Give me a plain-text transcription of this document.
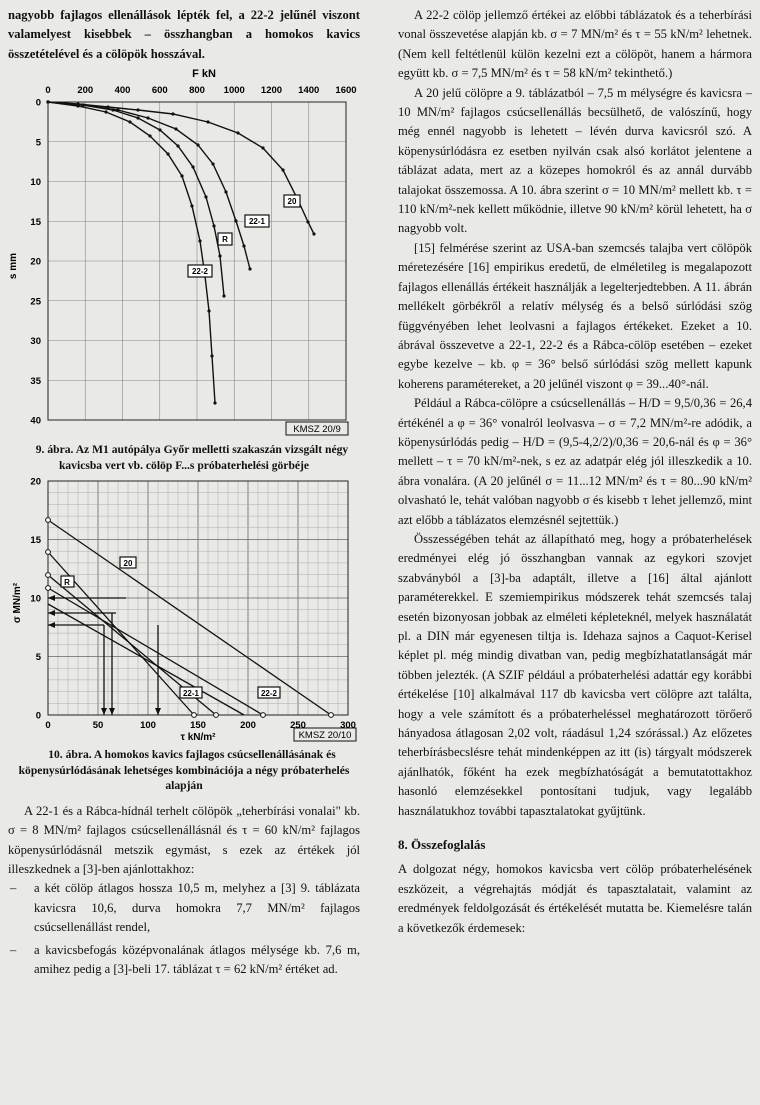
nagyobb fajlagos ellenállások lépték fel, a 22-2 jelűnél viszont valamelyest kisebbek – összhangban a homokos kavics összetételével és a cölöpök hosszával.

F kN
0	200 400 600 800 1000 1200 1400 1600
0
5
10
15
20
25
30
35
40
s mm
20
22-1
R
22-2
KMSZ 20/9

9. ábra. Az M1 autópálya Győr melletti szakaszán vizsgált négy kavicsba vert vb. cölöp F...s próbaterhelési görbéje

0
5
10
15
20
0	50	100	150	200	250	300
σ MN/m²
20
R
22-1	22-2
τ kN/m²	KMSZ 20/10

10. ábra. A homokos kavics fajlagos csúcsellenállásának és köpenysúrlódásának lehetséges kombinációja a négy próbaterhelés alapján

A 22-1 és a Rábca-hídnál terhelt cölöpök „teherbírási vonalai" kb. σ = 8 MN/m² fajlagos csúcsellenállásnál és τ = 60 kN/m² fajlagos köpenysúrlódásnál metszik egymást, s ezek az értékek jól illeszkednek a [3]-ben ajánlottakhoz:

– a két cölöp átlagos hossza 10,5 m, melyhez a [3] 9. táblázata kavicsra 10,6, durva homokra 7,7 MN/m² fajlagos csúcsellenállást rendel,
– a kavicsbefogás középvonalának átlagos mélysége kb. 7,6 m, amihez pedig a [3]-beli 17. táblázat τ = 62 kN/m² értéket ad.

A 22-2 cölöp jellemző értékei az előbbi táblázatok és a teherbírási vonal összevetése alapján kb. σ = 7 MN/m² és τ = 55 kN/m² lehetnek. (Nem kell feltétlenül külön kezelni ezt a cölöpöt, hanem a hármora együtt kb. σ = 7,5 MN/m² és τ = 58 kN/m² tekinthető.)

A 20 jelű cölöpre a 9. táblázatból – 7,5 m mélységre és kavicsra – 10 MN/m² fajlagos csúcsellenállás becsülhető, de valószínű, hogy még ennél nagyobb is lehetett – lévén durva kavicsról szó. A köpenysúrlódásra ez esetben nyilván csak alsó korlátot jelentene a táblázat adata, mert az a közepes homokról és az annál durvább talajokat összemossa. A 10. ábra szerint σ = 10 MN/m² mellett kb. τ = 110 kN/m²-nek kellett működnie, illetve 90 kN/m² körül lehetett, ha σ nagyobb volt.

[15] felmérése szerint az USA-ban szemcsés talajba vert cölöpök méretezésére [16] empirikus eredetű, de elméletileg is megalapozott fajlagos ellenállás értékeit használják a legelterjedtebben. A 11. ábrán mellékelt görbékről a relatív mélység és a belső súrlódási szög függvényében lehet leolvasni a fajlagos értékeket. Ezeket a 10. ábrával összevetve a 22-1, 22-2 és a Rábca-cölöp esetében – ezeket egybe kezelve – kb. φ = 36° belső súrlódási szög mellett kapunk koherens paramétereket, a 20 jelűnél viszont φ = 39...40°-nál.

Például a Rábca-cölöpre a csúcsellenállás – H/D = 9,5/0,36 = 26,4 értékénél a φ = 36° vonalról leolvasva – σ = 7,2 MN/m²-re adódik, a köpenysúrlódás pedig – H/D = (9,5-4,2/2)/0,36 = 20,6-nál és φ = 36° mellett – τ = 70 kN/m²-nek, s ez az adatpár elég jól illeszkedik a 10. ábra vonalára. (A 20 jelűnél σ = 11...12 MN/m² és τ = 80...90 kN/m² olvasható le, tehát valóban nagyobb σ és kisebb τ lehet jellemző, mint azt előbb a táblázatos elemzésnél sejtettük.)

Összességében tehát az állapítható meg, hogy a próbaterhelések eredményei elég jó összhangban vannak az egykori szovjet szabványból a [3]-ba adaptált, illetve a [16] által ajánlott paraméterekkel. E szemiempirikus módszerek tehát szemcsés talaj esetén bizonyosan jobbak az elméleti képleteknél, melyek használatát pl. a DIN már egyenesen tiltja is. Idehaza sajnos a Caquot-Kerisel képlet pl. még mindig divatban van, pedig megbízhatatlanságát már többen jelezték. (A SZIF például a próbaterhelési adattár egy korábbi értékelése [10] alkalmával 117 db kavicsba vert cölöpre azt találta, hogy a vele számított és a próbaterheléssel meghatározott törőerő hányadosa átlagosan 2,02 volt, ráadásul 1,24 szórással.) Az előzetes teherbírásbecslésre tehát mindenképpen az itt (is) tárgyalt módszerek ajánlhatók, főként ha ezek megbízhatóságát a bemutatottakhoz hasonló elemzésekkel pontosítani tudjuk, vagy legalább használatukhoz további tapasztalatokat gyűjtünk.

8. Összefoglalás

A dolgozat négy, homokos kavicsba vert cölöp próbaterhelésének eszközeit, a végrehajtás módját és tapasztalatait, valamint az eredmények feldolgozását és értékelését mutatta be. Kiemelésre talán a következők érdemesek:
